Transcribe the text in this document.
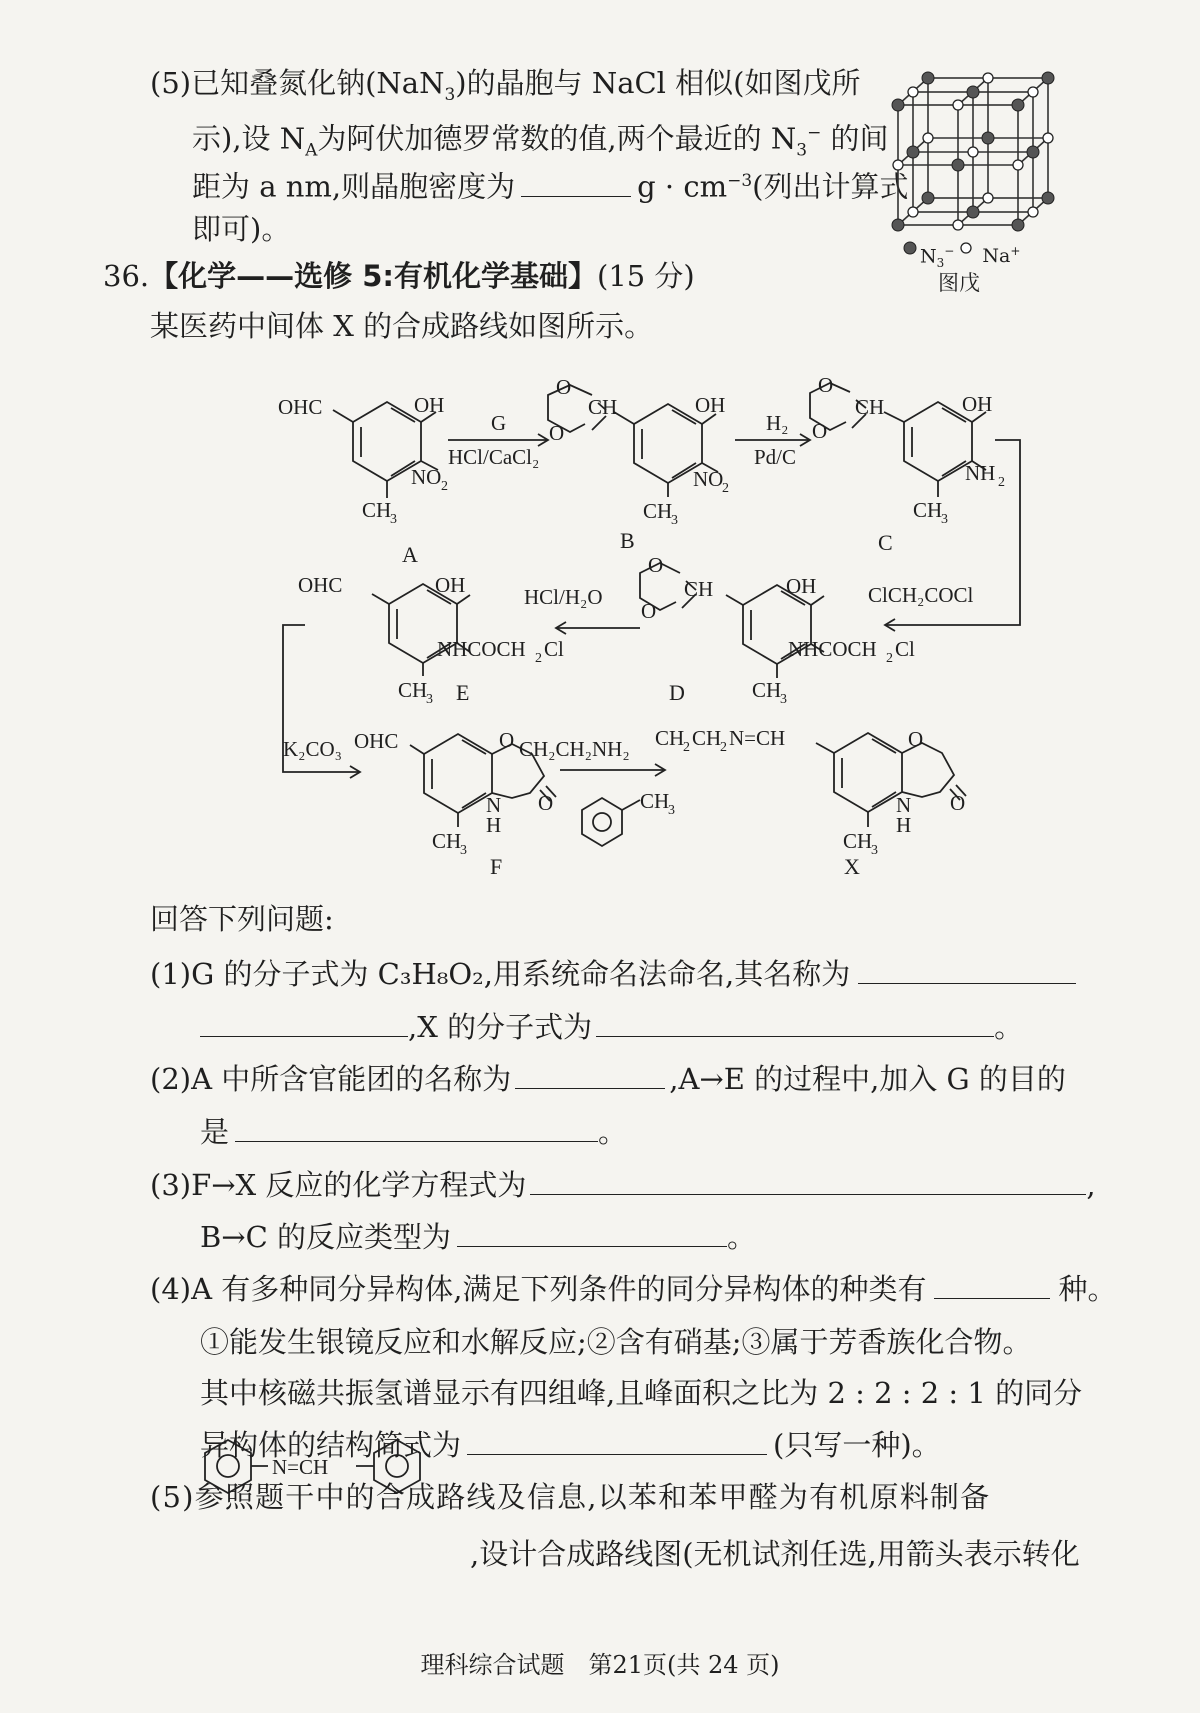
(5)已知叠氮化钠(NaN$_3$)的晶胞与 NaCl 相似(如图戊所
示),设 $N_A$为阿伏加德罗常数的值,两个最近的 $N_3^-$ 的间
距为 a nm,则晶胞密度为	$g \cdot cm^{-3}$(列出计算式
即可)。
$N_3^-$ Na+
图戊
36.【化学——选修 5:有机化学基础】(15 分)
某医药中间体 X 的合成路线如图所示。
OHC	OH
NO 2
CH
3
O
O
CH	OH
NO
2
CH
3
O
O
CH	OH
NH 2
CH
3
OHC	OH
NHCOCH 2 Cl
CH
3
O
O
CH	OH
NHCOCH 2 Cl
CH
3
OHC	O
N
H
O
CH
3
CH
3
CH
2 CH
2 N=CH	O
N
H
O
CH
3
N=CH
G
HCl/CaCl₂
H₂
Pd/C
ClCH₂COCl
HCl/H₂O
K₂CO₃	CH₂CH₂NH₂
A
B	C
D
E
F	X
回答下列问题:
(1)G 的分子式为 C₃H₈O₂,用系统命名法命名,其名称为
,X 的分子式为	。
(2)A 中所含官能团的名称为	,A→E 的过程中,加入 G 的目的
是	。
(3)F→X 反应的化学方程式为	,
B→C 的反应类型为	。
(4)A 有多种同分异构体,满足下列条件的同分异构体的种类有	种。
①能发生银镜反应和水解反应;②含有硝基;③属于芳香族化合物。
其中核磁共振氢谱显示有四组峰,且峰面积之比为 2 : 2 : 2 : 1 的同分
异构体的结构简式为	(只写一种)。
(5)参照题干中的合成路线及信息,以苯和苯甲醛为有机原料制备
,设计合成路线图(无机试剂任选,用箭头表示转化
理科综合试题　第21页(共 24 页)
